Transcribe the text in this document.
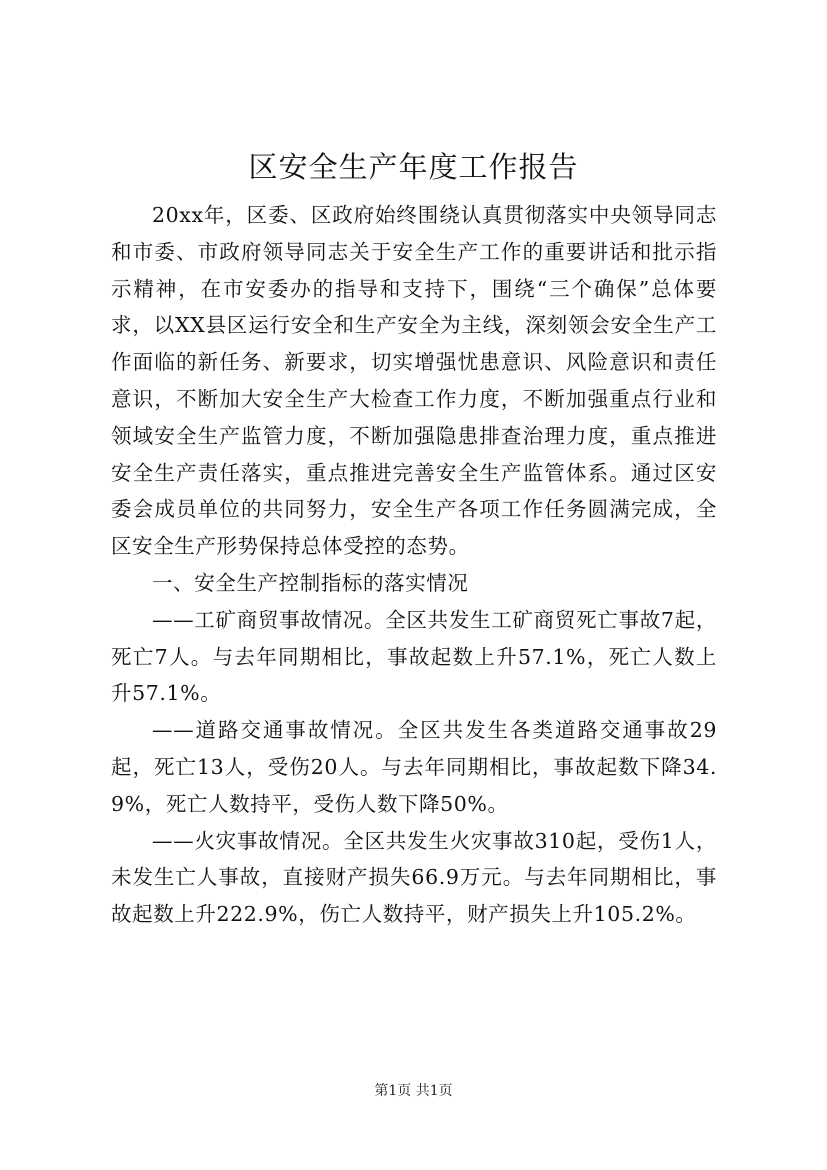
区安全生产年度工作报告

20xx年，区委、区政府始终围绕认真贯彻落实中央领导同志和市委、市政府领导同志关于安全生产工作的重要讲话和批示指示精神，在市安委办的指导和支持下，围绕“三个确保”总体要求，以XX县区运行安全和生产安全为主线，深刻领会安全生产工作面临的新任务、新要求，切实增强忧患意识、风险意识和责任意识，不断加大安全生产大检查工作力度，不断加强重点行业和领域安全生产监管力度，不断加强隐患排查治理力度，重点推进安全生产责任落实，重点推进完善安全生产监管体系。通过区安委会成员单位的共同努力，安全生产各项工作任务圆满完成，全区安全生产形势保持总体受控的态势。

一、安全生产控制指标的落实情况

——工矿商贸事故情况。全区共发生工矿商贸死亡事故7起，死亡7人。与去年同期相比，事故起数上升57.1%，死亡人数上升57.1%。

——道路交通事故情况。全区共发生各类道路交通事故29起，死亡13人，受伤20人。与去年同期相比，事故起数下降34.9%，死亡人数持平，受伤人数下降50%。

——火灾事故情况。全区共发生火灾事故310起，受伤1人，未发生亡人事故，直接财产损失66.9万元。与去年同期相比，事故起数上升222.9%，伤亡人数持平，财产损失上升105.2%。

第1页 共1页
